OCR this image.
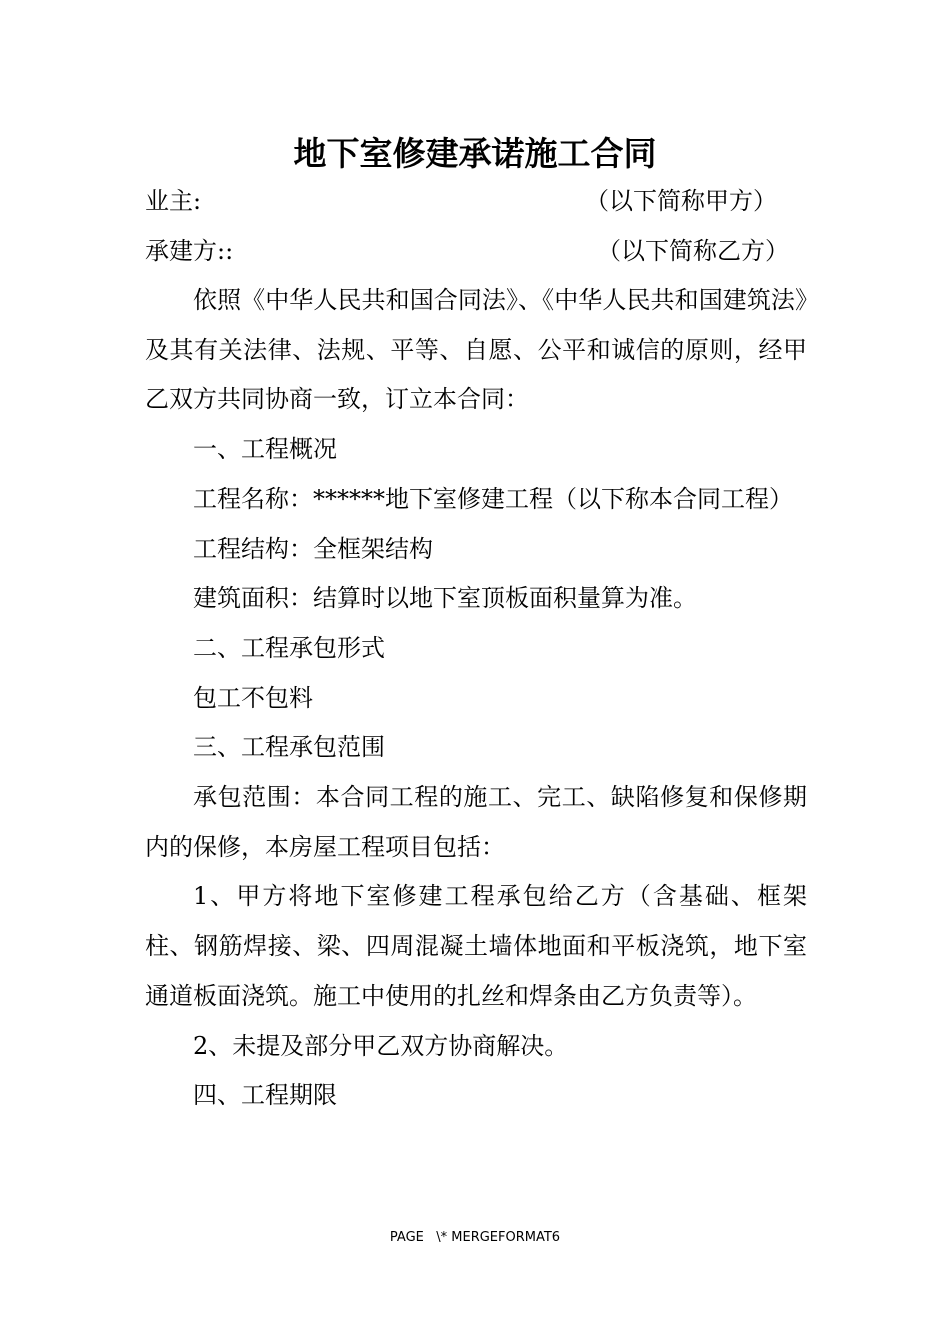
地下室修建承诺施工合同
业主:	（以下简称甲方）
承建方::	（以下简称乙方）

依照《中华人民共和国合同法》、《中华人民共和国建筑法》及其有关法律、法规、平等、自愿、公平和诚信的原则，经甲乙双方共同协商一致，订立本合同：

一、工程概况

工程名称：******地下室修建工程（以下称本合同工程）

工程结构：全框架结构

建筑面积：结算时以地下室顶板面积量算为准。

二、工程承包形式

包工不包料

三、工程承包范围

承包范围：本合同工程的施工、完工、缺陷修复和保修期内的保修，本房屋工程项目包括：

1、甲方将地下室修建工程承包给乙方（含基础、框架柱、钢筋焊接、梁、四周混凝土墙体地面和平板浇筑，地下室通道板面浇筑。施工中使用的扎丝和焊条由乙方负责等）。

2、未提及部分甲乙双方协商解决。

四、工程期限

PAGE   \* MERGEFORMAT6
